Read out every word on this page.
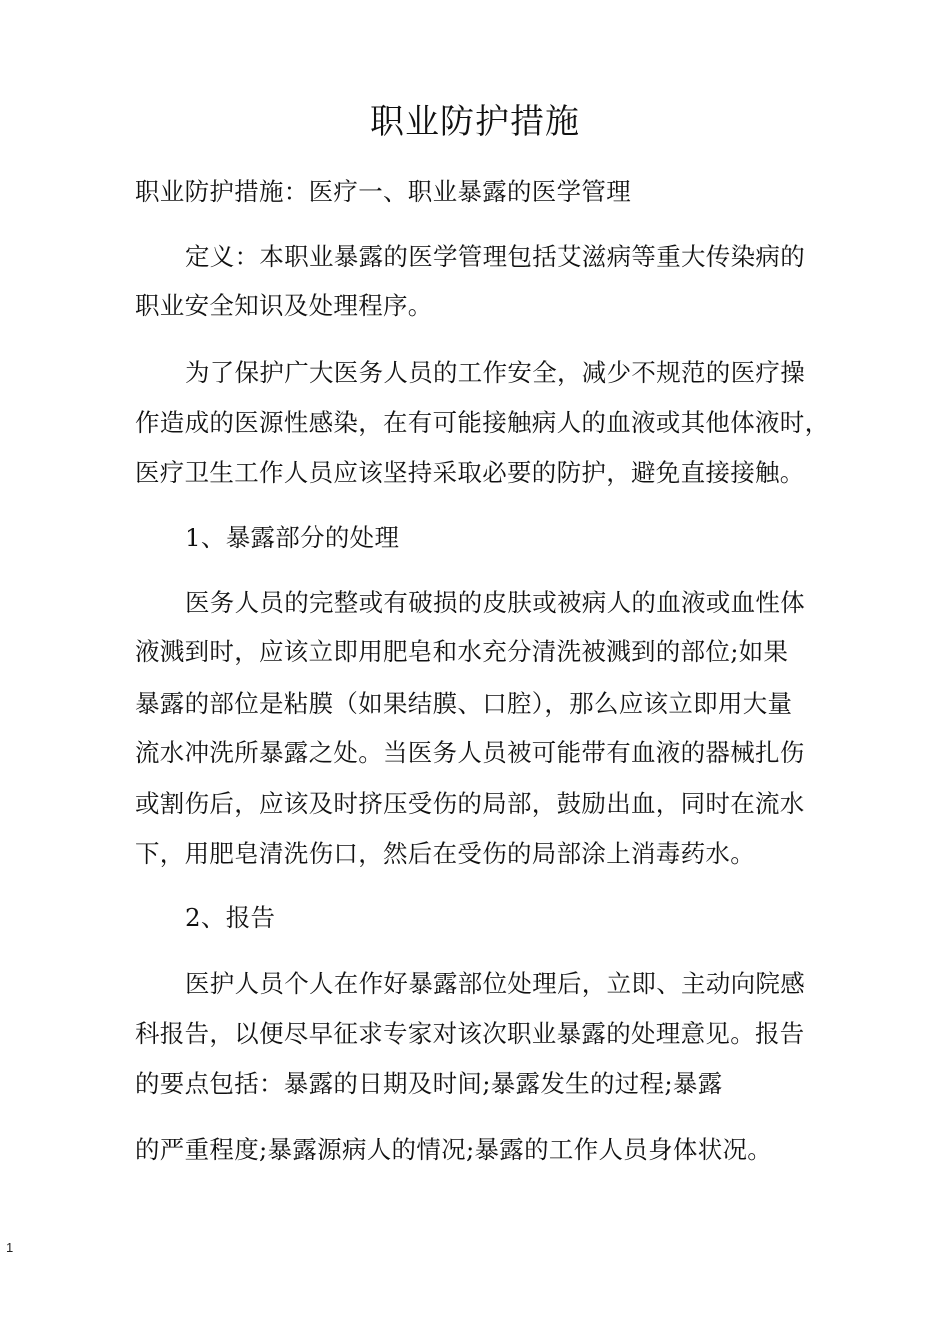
职业防护措施

职业防护措施：医疗一、职业暴露的医学管理

定义：本职业暴露的医学管理包括艾滋病等重大传染病的

职业安全知识及处理程序。

为了保护广大医务人员的工作安全，减少不规范的医疗操

作造成的医源性感染，在有可能接触病人的血液或其他体液时，

医疗卫生工作人员应该坚持采取必要的防护，避免直接接触。

1、暴露部分的处理

医务人员的完整或有破损的皮肤或被病人的血液或血性体

液溅到时，应该立即用肥皂和水充分清洗被溅到的部位;如果

暴露的部位是粘膜（如果结膜、口腔），那么应该立即用大量

流水冲洗所暴露之处。当医务人员被可能带有血液的器械扎伤

或割伤后，应该及时挤压受伤的局部，鼓励出血，同时在流水

下，用肥皂清洗伤口，然后在受伤的局部涂上消毒药水。

2、报告

医护人员个人在作好暴露部位处理后，立即、主动向院感

科报告，以便尽早征求专家对该次职业暴露的处理意见。报告

的要点包括：暴露的日期及时间;暴露发生的过程;暴露

的严重程度;暴露源病人的情况;暴露的工作人员身体状况。

1
